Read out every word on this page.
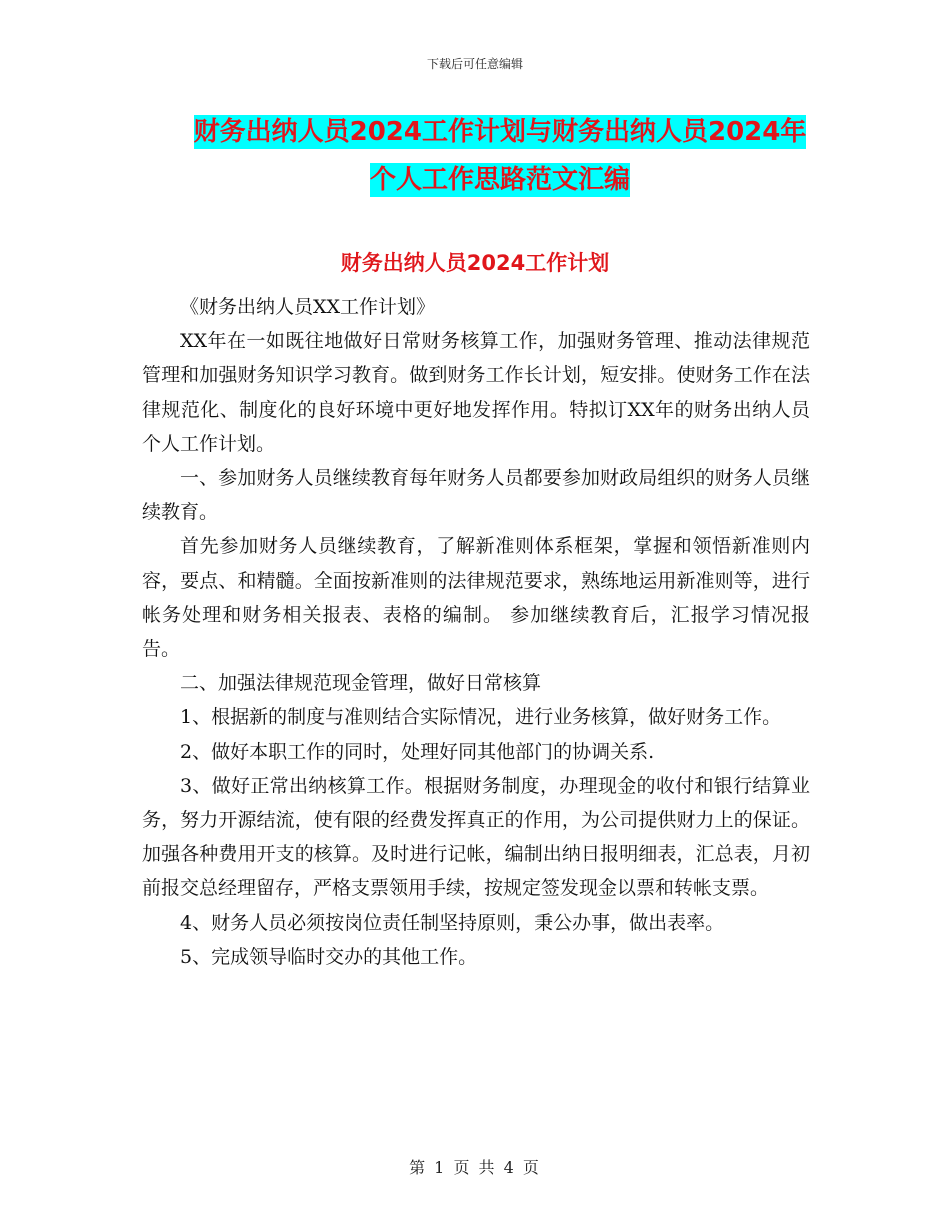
下载后可任意编辑
财务出纳人员2024工作计划与财务出纳人员2024年
个人工作思路范文汇编
财务出纳人员2024工作计划

《财务出纳人员XX工作计划》

XX年在一如既往地做好日常财务核算工作，加强财务管理、推动法律规范管理和加强财务知识学习教育。做到财务工作长计划，短安排。使财务工作在法律规范化、制度化的良好环境中更好地发挥作用。特拟订XX年的财务出纳人员个人工作计划。

一、参加财务人员继续教育每年财务人员都要参加财政局组织的财务人员继续教育。

首先参加财务人员继续教育，了解新准则体系框架，掌握和领悟新准则内容，要点、和精髓。全面按新准则的法律规范要求，熟练地运用新准则等，进行帐务处理和财务相关报表、表格的编制。 参加继续教育后，汇报学习情况报告。

二、加强法律规范现金管理，做好日常核算

1、根据新的制度与准则结合实际情况，进行业务核算，做好财务工作。

2、做好本职工作的同时，处理好同其他部门的协调关系.

3、做好正常出纳核算工作。根据财务制度，办理现金的收付和银行结算业务，努力开源结流，使有限的经费发挥真正的作用，为公司提供财力上的保证。加强各种费用开支的核算。及时进行记帐，编制出纳日报明细表，汇总表，月初前报交总经理留存，严格支票领用手续，按规定签发现金以票和转帐支票。

4、财务人员必须按岗位责任制坚持原则，秉公办事，做出表率。

5、完成领导临时交办的其他工作。

第 1 页 共 4 页
